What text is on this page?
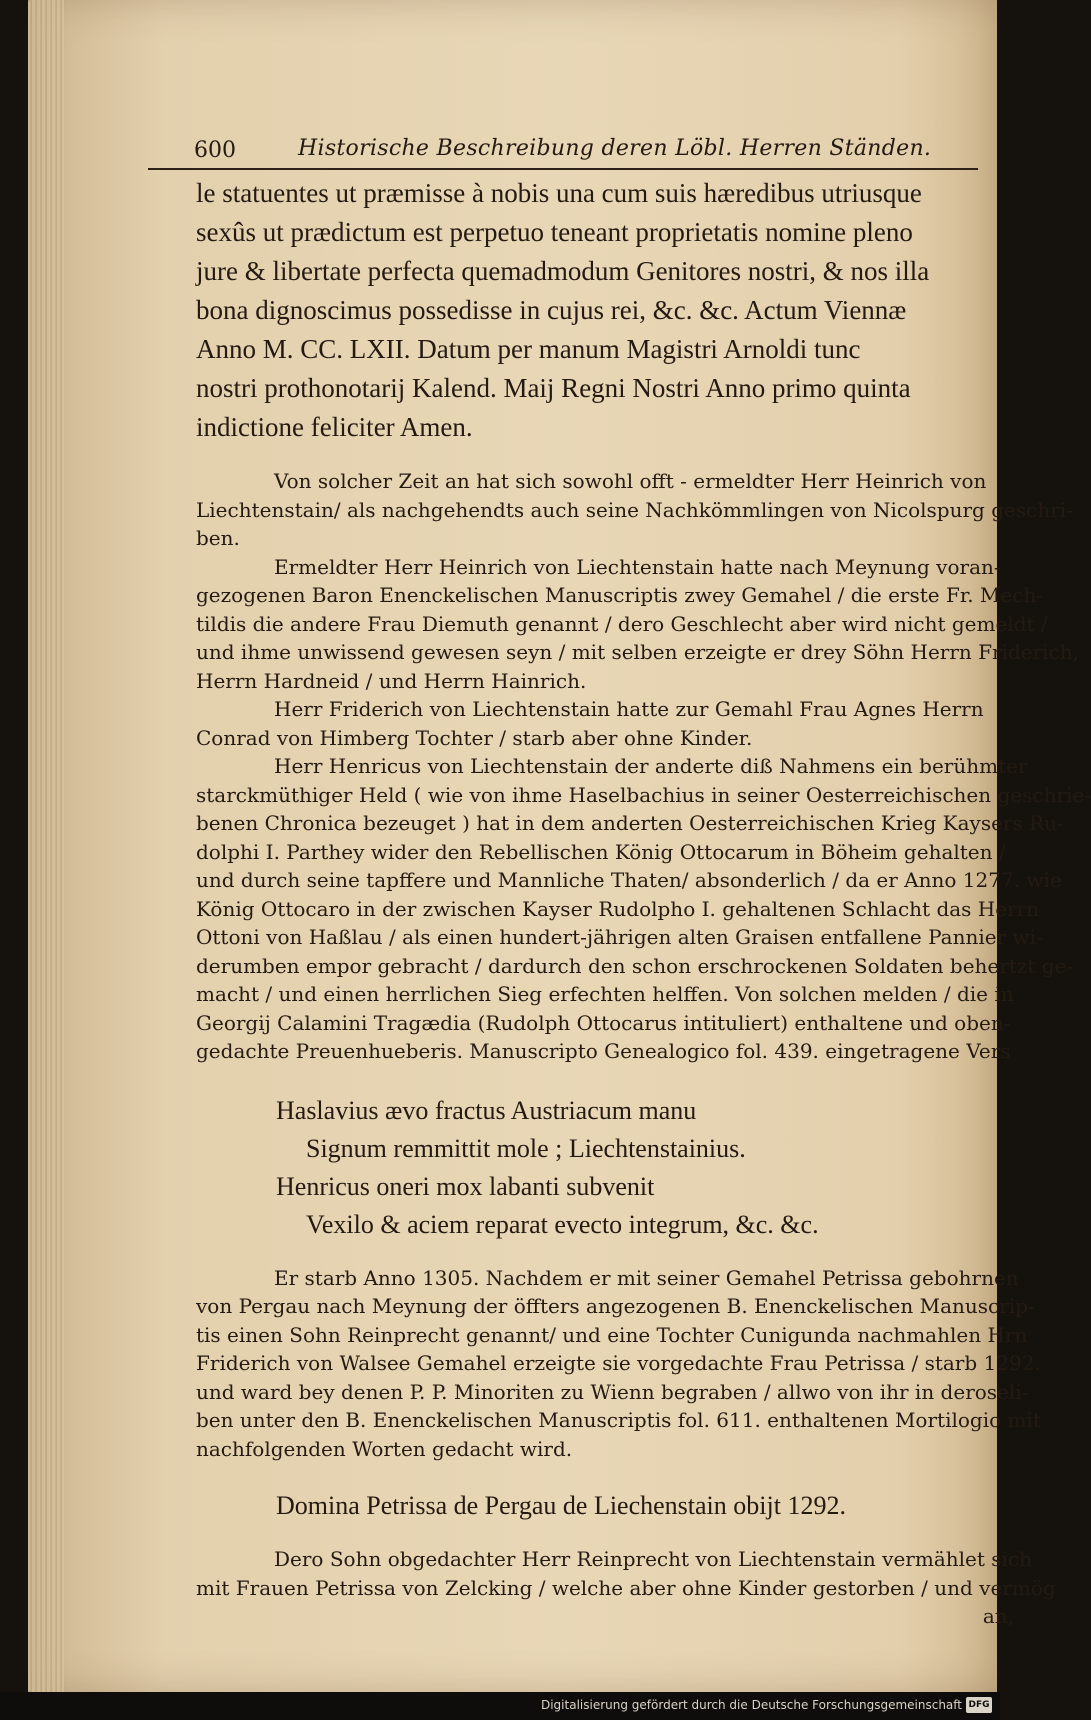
600	Historische Beschreibung deren Löbl. Herren Ständen.
le statuentes ut præmisse à nobis una cum suis hæredibus utriusque
sexûs ut prædictum est perpetuo teneant proprietatis nomine pleno
jure & libertate perfecta quemadmodum Genitores nostri, & nos illa
bona dignoscimus possedisse in cujus rei, &c. &c. Actum Viennæ
Anno M. CC. LXII. Datum per manum Magistri Arnoldi tunc
nostri prothonotarij Kalend. Maij Regni Nostri Anno primo quinta
indictione feliciter Amen.
Von solcher Zeit an hat sich sowohl offt - ermeldter Herr Heinrich von
Liechtenstain/ als nachgehendts auch seine Nachkömmlingen von Nicolspurg geschri-
ben.
Ermeldter Herr Heinrich von Liechtenstain hatte nach Meynung voran-
gezogenen Baron Enenckelischen Manuscriptis zwey Gemahel / die erste Fr. Mech-
tildis die andere Frau Diemuth genannt / dero Geschlecht aber wird nicht gemeldt /
und ihme unwissend gewesen seyn / mit selben erzeigte er drey Söhn Herrn Friderich,
Herrn Hardneid / und Herrn Hainrich.
Herr Friderich von Liechtenstain hatte zur Gemahl Frau Agnes Herrn
Conrad von Himberg Tochter / starb aber ohne Kinder.
Herr Henricus von Liechtenstain der anderte diß Nahmens ein berühmter
starckmüthiger Held ( wie von ihme Haselbachius in seiner Oesterreichischen geschrie-
benen Chronica bezeuget ) hat in dem anderten Oesterreichischen Krieg Kaysers Ru-
dolphi I. Parthey wider den Rebellischen König Ottocarum in Böheim gehalten /
und durch seine tapffere und Mannliche Thaten/ absonderlich / da er Anno 1277. wie
König Ottocaro in der zwischen Kayser Rudolpho I. gehaltenen Schlacht das Herrn
Ottoni von Haßlau / als einen hundert-jährigen alten Graisen entfallene Pannier wi-
derumben empor gebracht / dardurch den schon erschrockenen Soldaten behertzt ge-
macht / und einen herrlichen Sieg erfechten helffen. Von solchen melden / die in
Georgij Calamini Tragædia (Rudolph Ottocarus intituliert) enthaltene und oben-
gedachte Preuenhueberis. Manuscripto Genealogico fol. 439. eingetragene Vers
Haslavius ævo fractus Austriacum manu
Signum remmittit mole ; Liechtenstainius.
Henricus oneri mox labanti subvenit
Vexilo & aciem reparat evecto integrum, &c. &c.
Er starb Anno 1305. Nachdem er mit seiner Gemahel Petrissa gebohrnen
von Pergau nach Meynung der öffters angezogenen B. Enenckelischen Manuscrip-
tis einen Sohn Reinprecht genannt/ und eine Tochter Cunigunda nachmahlen Hrn
Friderich von Walsee Gemahel erzeigte sie vorgedachte Frau Petrissa / starb 1292.
und ward bey denen P. P. Minoriten zu Wienn begraben / allwo von ihr in deroseli-
ben unter den B. Enenckelischen Manuscriptis fol. 611. enthaltenen Mortilogio mit
nachfolgenden Worten gedacht wird.
Domina Petrissa de Pergau de Liechenstain obijt 1292.
Dero Sohn obgedachter Herr Reinprecht von Liechtenstain vermählet sich
mit Frauen Petrissa von Zelcking / welche aber ohne Kinder gestorben / und vermög
an,
Digitalisierung gefördert durch die Deutsche Forschungsgemeinschaft DFG
